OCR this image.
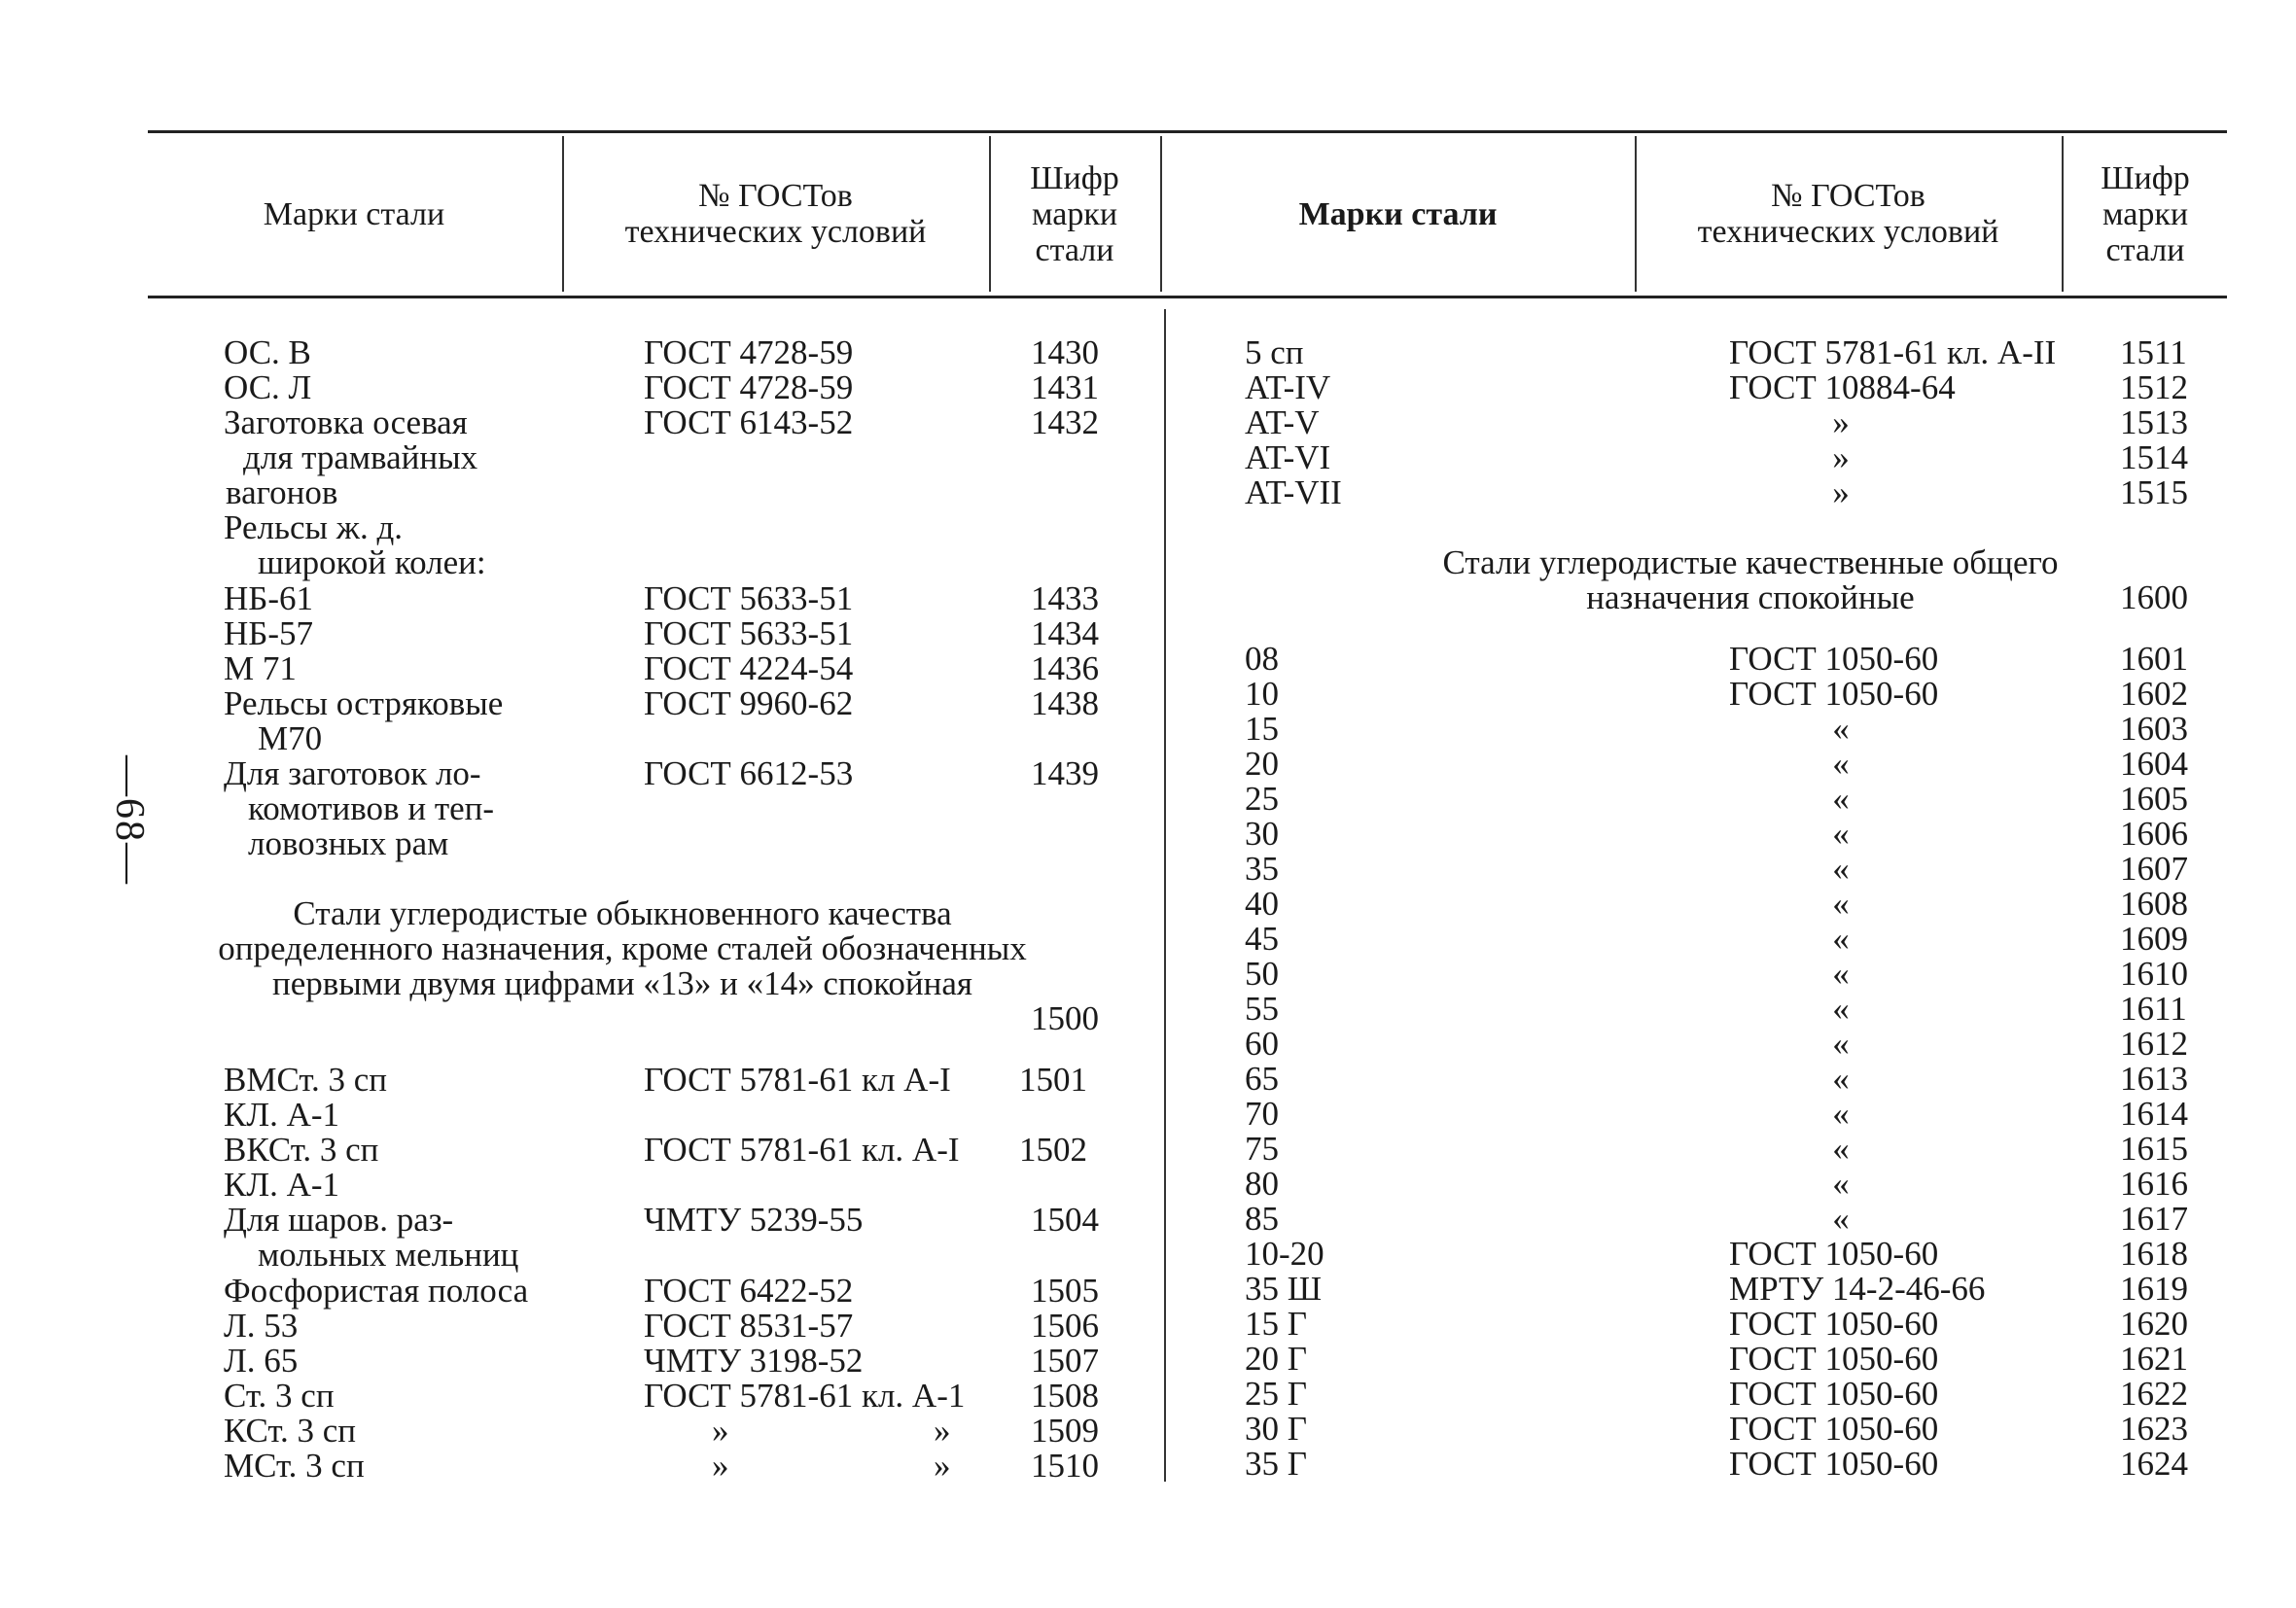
Марки стали	№ ГОСТов
технических условий
Шифр
марки
стали
Марки стали	№ ГОСТов
технических условий
Шифр
марки
стали
—68—
ОС. В	ГОСТ 4728-59	1430
ОС. Л	ГОСТ 4728-59	1431
Заготовка осевая	ГОСТ 6143-52	1432
для трамвайных
вагонов
Рельсы ж. д.
широкой колеи:
НБ-61	ГОСТ 5633-51	1433
НБ-57	ГОСТ 5633-51	1434
М 71	ГОСТ 4224-54	1436
Рельсы остряковые	ГОСТ 9960-62	1438
М70
Для заготовок ло-	ГОСТ 6612-53	1439
комотивов и теп-
ловозных рам
Стали углеродистые обыкновенного качества
определенного назначения, кроме сталей обозначенных
первыми двумя цифрами «13» и «14» спокойная
1500
ВМСт. 3 сп	ГОСТ 5781-61 кл А-I 1501
КЛ. А-1
ВКСт. 3 сп	ГОСТ 5781-61 кл. А-I 1502
КЛ. А-1
Для шаров. раз-	ЧМТУ 5239-55	1504
мольных мельниц
Фосфористая полоса	ГОСТ 6422-52	1505
Л. 53	ГОСТ 8531-57	1506
Л. 65	ЧМТУ 3198-52	1507
Ст. 3 сп	ГОСТ 5781-61 кл. А-1 1508
КСт. 3 сп	»	» 1509
МСт. 3 сп	»	» 1510
5 сп	ГОСТ 5781-61 кл. А-II 1511
AT-IV	ГОСТ 10884-64	1512
AT-V	»	1513
AT-VI	»	1514
AT-VII	»	1515
Стали углеродистые качественные общего
назначения спокойные	1600
08	ГОСТ 1050-60	1601
10	ГОСТ 1050-60	1602
15	«	1603
20	«	1604
25	«	1605
30	«	1606
35	«	1607
40	«	1608
45	«	1609
50	«	1610
55	«	1611
60	«	1612
65	«	1613
70	«	1614
75	«	1615
80	«	1616
85	«	1617
10-20	ГОСТ 1050-60	1618
35 Ш	МРТУ 14-2-46-66	1619
15 Г	ГОСТ 1050-60	1620
20 Г	ГОСТ 1050-60	1621
25 Г	ГОСТ 1050-60	1622
30 Г	ГОСТ 1050-60	1623
35 Г	ГОСТ 1050-60	1624
